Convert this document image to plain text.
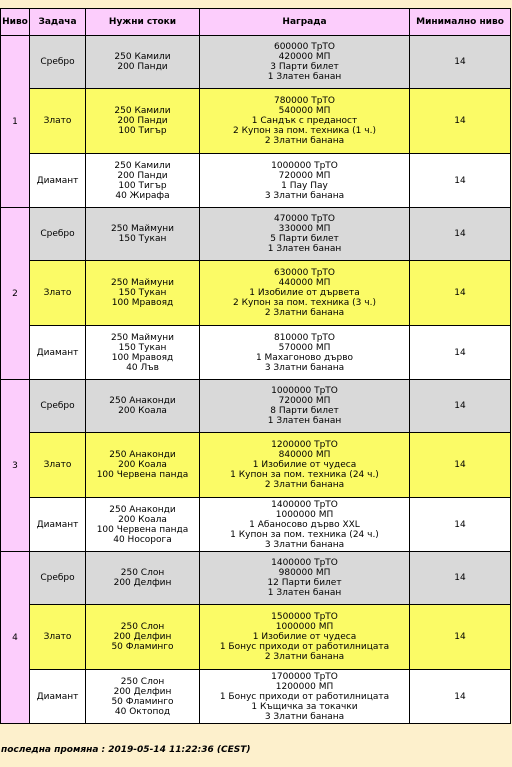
Ниво	Задача	Нужни стоки	Награда	Минимално ниво
1	Сребро	250 Камили
200 Панди	600000 ТрТО
420000 МП
3 Парти билет
1 Златен банан	14
	Злато	250 Камили
200 Панди
100 Тигър	780000 ТрТО
540000 МП
1 Сандък с преданост
2 Купон за пом. техника (1 ч.)
2 Златни банана	14
	Диамант	250 Камили
200 Панди
100 Тигър
40 Жирафа	1000000 ТрТО
720000 МП
1 Пау Пау
3 Златни банана	14
2	Сребро	250 Маймуни
150 Тукан	470000 ТрТО
330000 МП
5 Парти билет
1 Златен банан	14
	Злато	250 Маймуни
150 Тукан
100 Мравояд	630000 ТрТО
440000 МП
1 Изобилие от дървета
2 Купон за пом. техника (3 ч.)
2 Златни банана	14
	Диамант	250 Маймуни
150 Тукан
100 Мравояд
40 Лъв	810000 ТрТО
570000 МП
1 Махагоново дърво
3 Златни банана	14
3	Сребро	250 Анаконди
200 Коала	1000000 ТрТО
720000 МП
8 Парти билет
1 Златен банан	14
	Злато	250 Анаконди
200 Коала
100 Червена панда	1200000 ТрТО
840000 МП
1 Изобилие от чудеса
1 Купон за пом. техника (24 ч.)
2 Златни банана	14
	Диамант	250 Анаконди
200 Коала
100 Червена панда
40 Носорога	1400000 ТрТО
1000000 МП
1 Абаносово дърво XXL
1 Купон за пом. техника (24 ч.)
3 Златни банана	14
4	Сребро	250 Слон
200 Делфин	1400000 ТрТО
980000 МП
12 Парти билет
1 Златен банан	14
	Злато	250 Слон
200 Делфин
50 Фламинго	1500000 ТрТО
1000000 МП
1 Изобилие от чудеса
1 Бонус приходи от работилницата
2 Златни банана	14
	Диамант	250 Слон
200 Делфин
50 Фламинго
40 Октопод	1700000 ТрТО
1200000 МП
1 Бонус приходи от работилницата
1 Къщичка за токачки
3 Златни банана	14
последна промяна : 2019-05-14 11:22:36 (CEST)
